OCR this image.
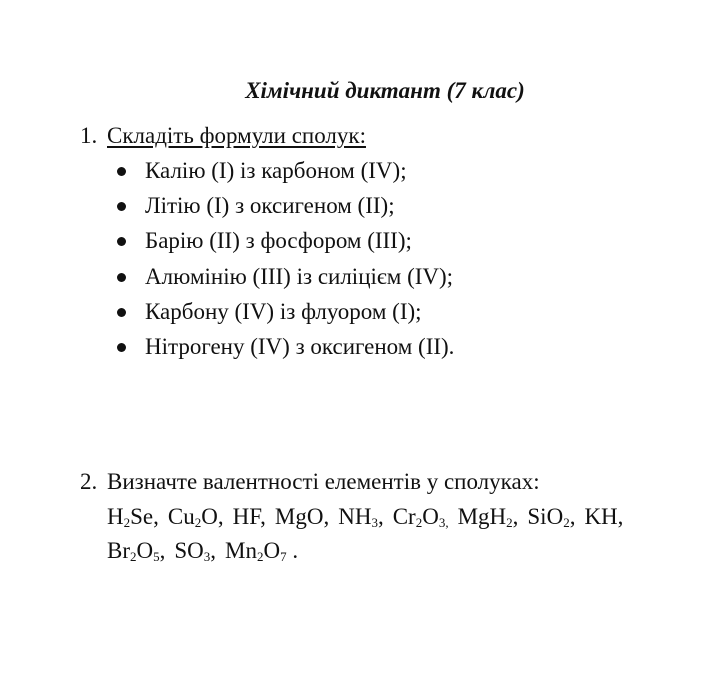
Хімічний диктант (7 клас)
1. Складіть формули сполук:
Калію (І) із карбоном (IV);
Літію (І) з оксигеном (ІІ);
Барію (ІІ) з фосфором (ІІІ);
Алюмінію (ІІІ) із силіцієм (IV);
Карбону (IV) із флуором (І);
Нітрогену (IV) з оксигеном (ІІ).
2. Визначте валентності елементів у сполуках:
$H_2Se$, $Cu_2O$, HF, MgO, $NH_3$, $Cr_2O_{3,}$ MgH$_2$, SiO$_2$, KH,
$Br_2O_5$, $SO_3$, $Mn_2O_7$ .
